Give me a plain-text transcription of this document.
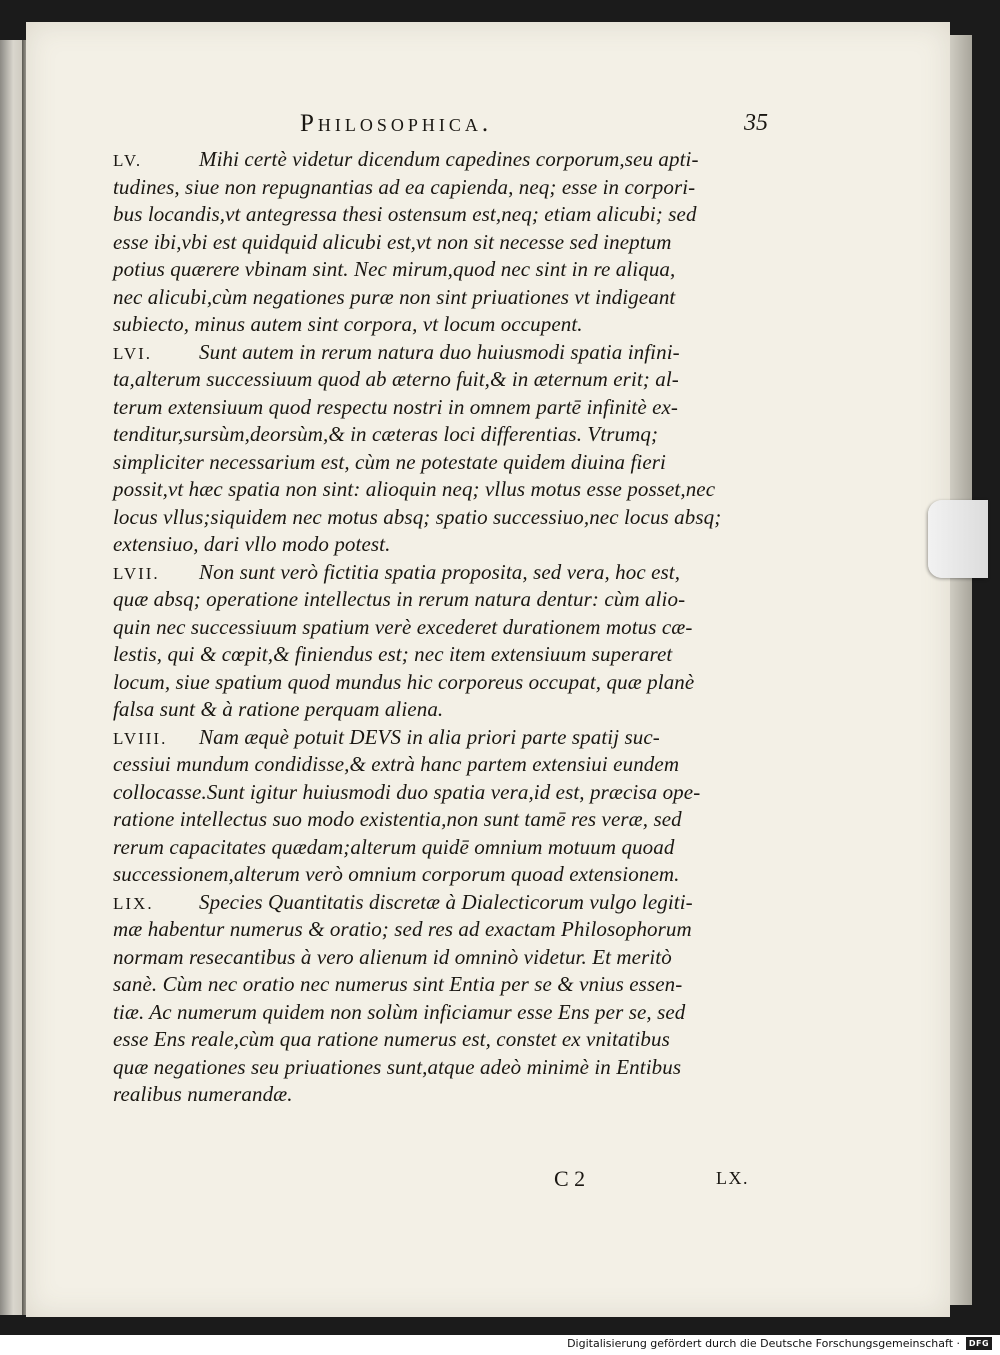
Philosophica.	35
LV.	Mihi certè videtur dicendum capedines corporum,seu apti-
tudines, siue non repugnantias ad ea capienda, neq; esse in corpori-
bus locandis,vt antegressa thesi ostensum est,neq; etiam alicubi; sed
esse ibi,vbi est quidquid alicubi est,vt non sit necesse sed ineptum
potius quærere vbinam sint. Nec mirum,quod nec sint in re aliqua,
nec alicubi,cùm negationes puræ non sint priuationes vt indigeant
subiecto, minus autem sint corpora, vt locum occupent.
LVI. Sunt autem in rerum natura duo huiusmodi spatia infini-
ta,alterum successiuum quod ab æterno fuit,& in æternum erit; al-
terum extensiuum quod respectu nostri in omnem partē infinitè ex-
tenditur,sursùm,deorsùm,& in cæteras loci differentias. Vtrumq;
simpliciter necessarium est, cùm ne potestate quidem diuina fieri
possit,vt hæc spatia non sint: alioquin neq; vllus motus esse posset,nec
locus vllus;siquidem nec motus absq; spatio successiuo,nec locus absq;
extensiuo, dari vllo modo potest.
LVII. Non sunt verò fictitia spatia proposita, sed vera, hoc est,
quæ absq; operatione intellectus in rerum natura dentur: cùm alio-
quin nec successiuum spatium verè excederet durationem motus cæ-
lestis, qui & cœpit,& finiendus est; nec item extensiuum superaret
locum, siue spatium quod mundus hic corporeus occupat, quæ planè
falsa sunt & à ratione perquam aliena.
LVIII. Nam æquè potuit DEVS in alia priori parte spatij suc-
cessiui mundum condidisse,& extrà hanc partem extensiui eundem
collocasse.Sunt igitur huiusmodi duo spatia vera,id est, præcisa ope-
ratione intellectus suo modo existentia,non sunt tamē res veræ, sed
rerum capacitates quædam;alterum quidē omnium motuum quoad
successionem,alterum verò omnium corporum quoad extensionem.
LIX. Species Quantitatis discretæ à Dialecticorum vulgo legiti-
mæ habentur numerus & oratio; sed res ad exactam Philosophorum
normam resecantibus à vero alienum id omninò videtur. Et meritò
sanè. Cùm nec oratio nec numerus sint Entia per se & vnius essen-
tiæ. Ac numerum quidem non solùm inficiamur esse Ens per se, sed
esse Ens reale,cùm qua ratione numerus est, constet ex vnitatibus
quæ negationes seu priuationes sunt,atque adeò minimè in Entibus
realibus numerandæ.
C 2	LX.
Digitalisierung gefördert durch die Deutsche Forschungsgemeinschaft ·	DFG
